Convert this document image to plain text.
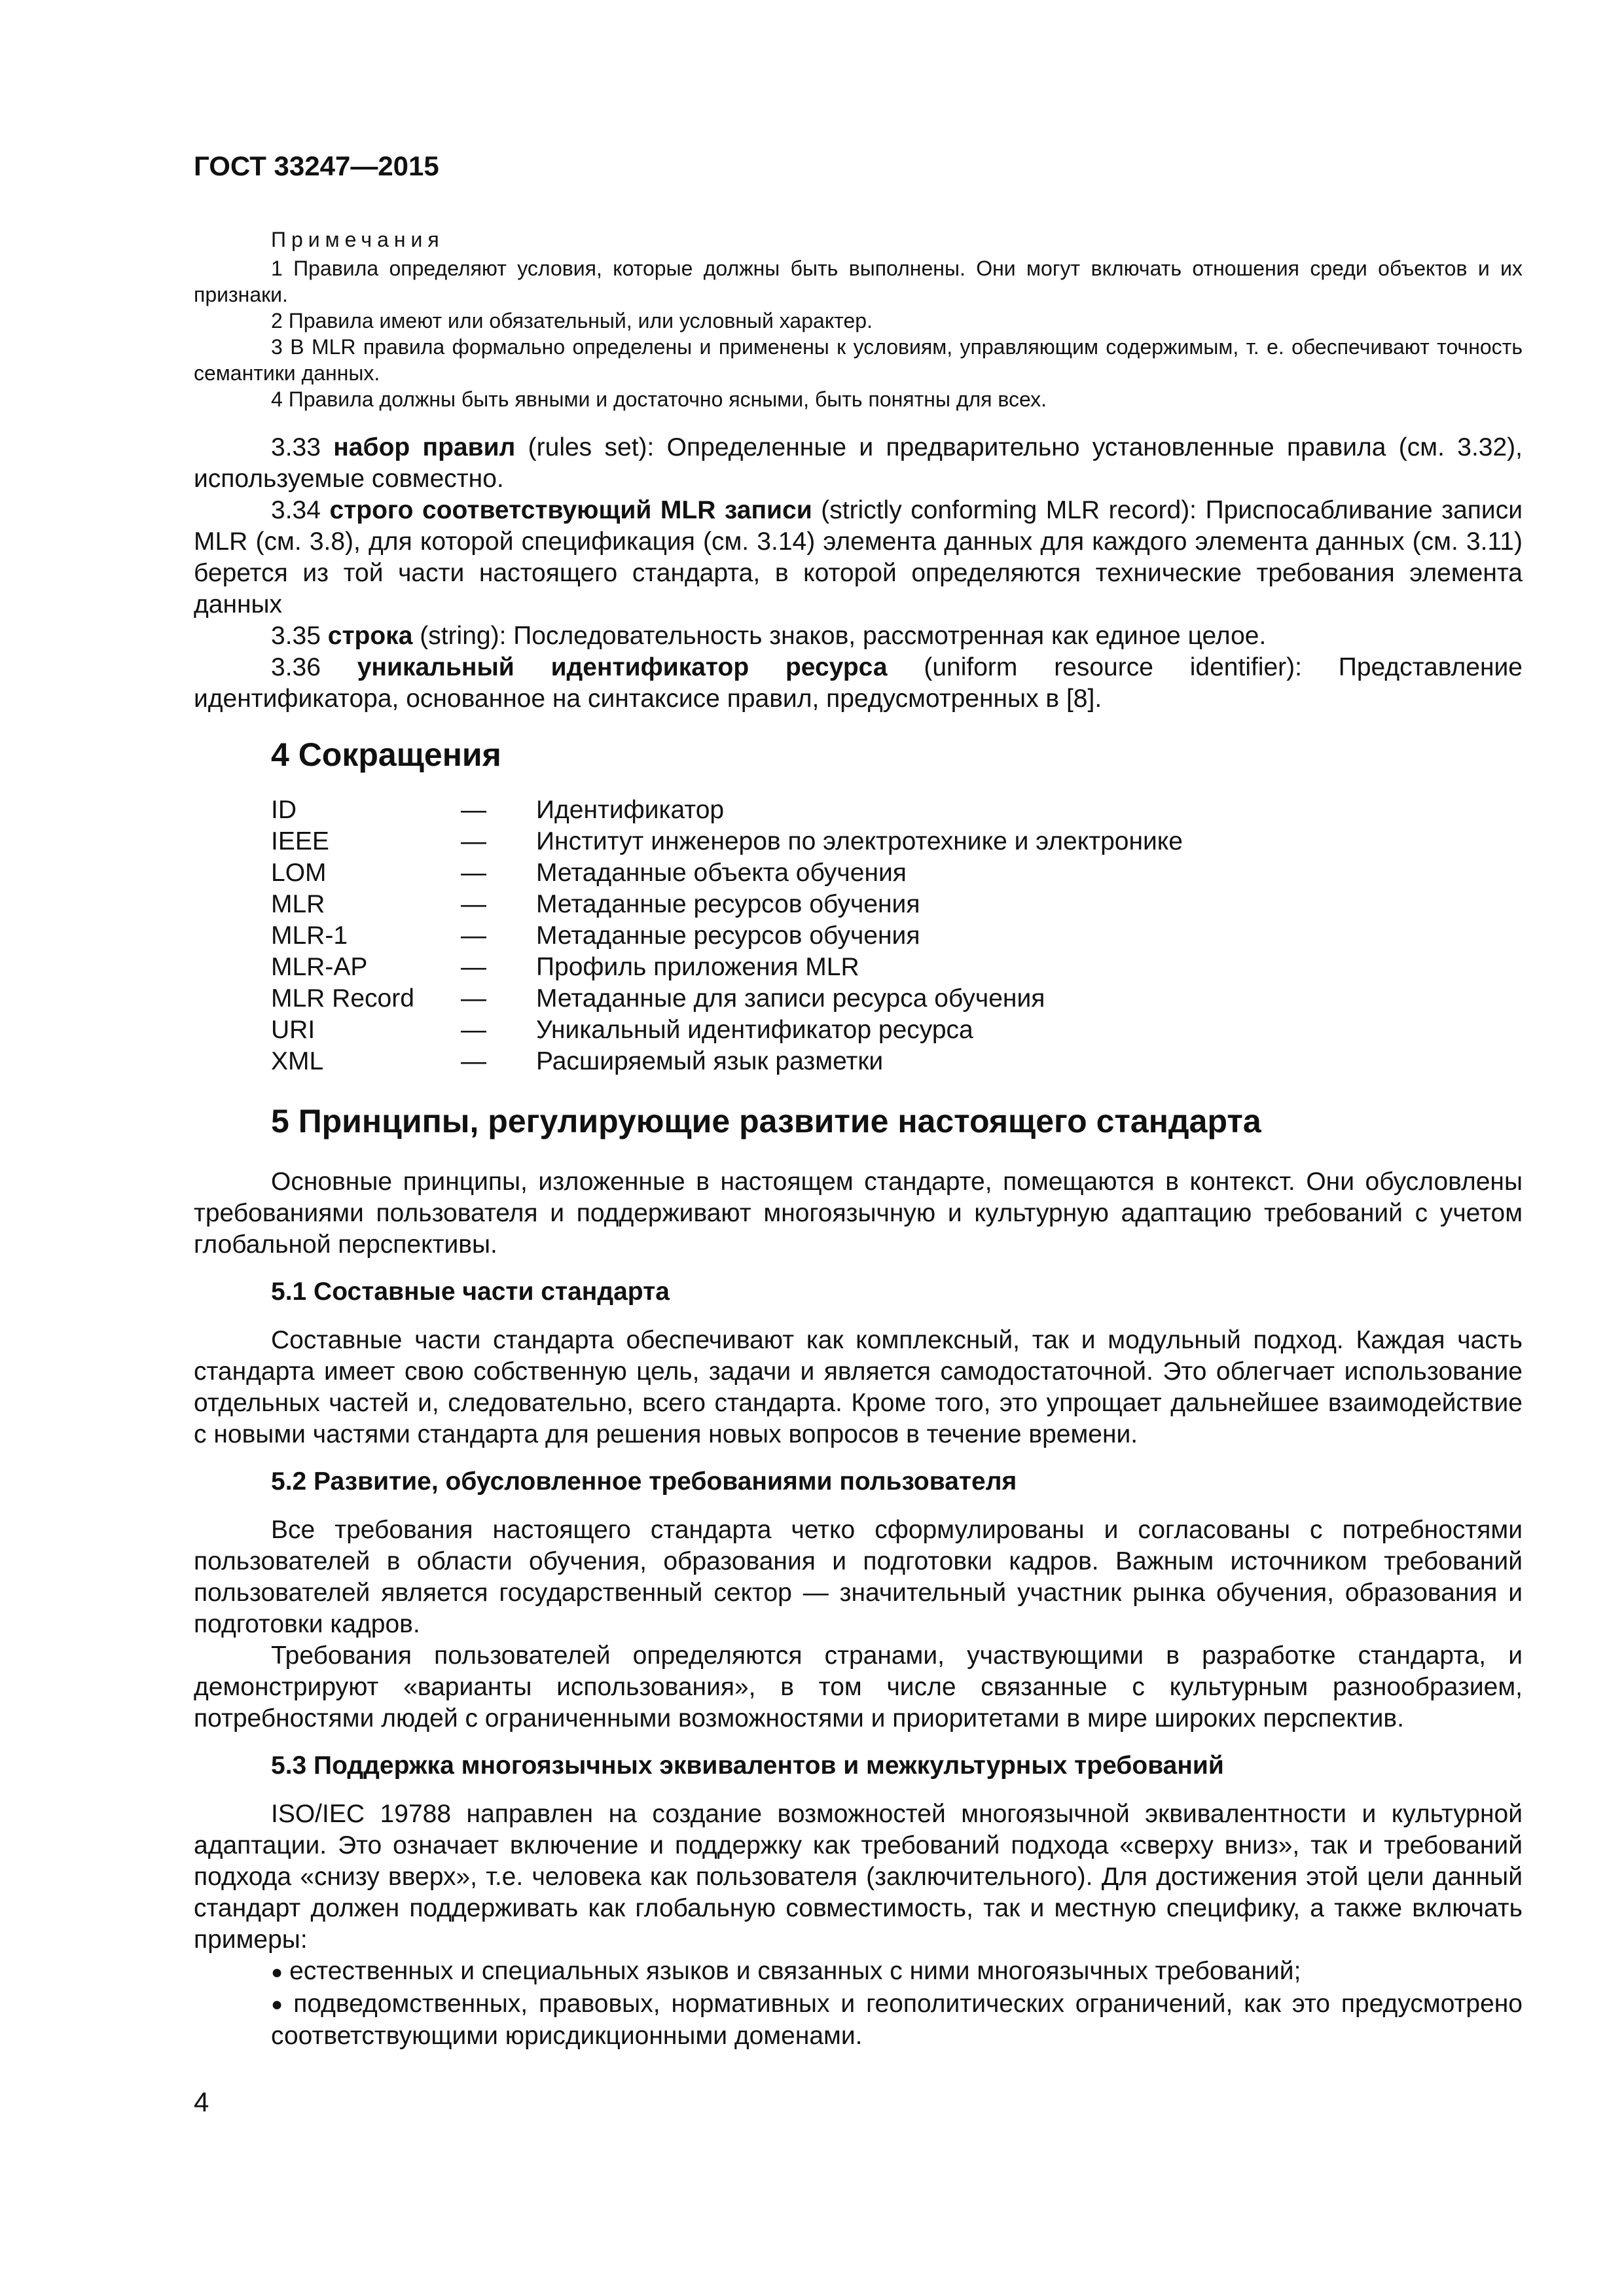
ГОСТ 33247—2015
Примечания
1 Правила определяют условия, которые должны быть выполнены. Они могут включать отношения среди объектов и их признаки.
2 Правила имеют или обязательный, или условный характер.
3 В MLR правила формально определены и применены к условиям, управляющим содержимым, т. е. обеспечивают точность семантики данных.
4 Правила должны быть явными и достаточно ясными, быть понятны для всех.
3.33 набор правил (rules set): Определенные и предварительно установленные правила (см. 3.32), используемые совместно.
3.34 строго соответствующий MLR записи (strictly conforming MLR record): Приспосабливание записи MLR (см. 3.8), для которой спецификация (см. 3.14) элемента данных для каждого элемента данных (см. 3.11) берется из той части настоящего стандарта, в которой определяются технические требования элемента данных
3.35 строка (string): Последовательность знаков, рассмотренная как единое целое.
3.36 уникальный идентификатор ресурса (uniform resource identifier): Представление идентификатора, основанное на синтаксисе правил, предусмотренных в [8].
4 Сокращения
ID	—	Идентификатор
IEEE	—	Институт инженеров по электротехнике и электронике
LOM	—	Метаданные объекта обучения
MLR	—	Метаданные ресурсов обучения
MLR-1	—	Метаданные ресурсов обучения
MLR-AP	—	Профиль приложения MLR
MLR Record	—	Метаданные для записи ресурса обучения
URI	—	Уникальный идентификатор ресурса
XML	—	Расширяемый язык разметки
5 Принципы, регулирующие развитие настоящего стандарта
Основные принципы, изложенные в настоящем стандарте, помещаются в контекст. Они обусловлены требованиями пользователя и поддерживают многоязычную и культурную адаптацию требований с учетом глобальной перспективы.
5.1 Составные части стандарта
Составные части стандарта обеспечивают как комплексный, так и модульный подход. Каждая часть стандарта имеет свою собственную цель, задачи и является самодостаточной. Это облегчает использование отдельных частей и, следовательно, всего стандарта. Кроме того, это упрощает дальнейшее взаимодействие с новыми частями стандарта для решения новых вопросов в течение времени.
5.2 Развитие, обусловленное требованиями пользователя
Все требования настоящего стандарта четко сформулированы и согласованы с потребностями пользователей в области обучения, образования и подготовки кадров. Важным источником требований пользователей является государственный сектор — значительный участник рынка обучения, образования и подготовки кадров.
Требования пользователей определяются странами, участвующими в разработке стандарта, и демонстрируют «варианты использования», в том числе связанные с культурным разнообразием, потребностями людей с ограниченными возможностями и приоритетами в мире широких перспектив.
5.3 Поддержка многоязычных эквивалентов и межкультурных требований
ISO/IEC 19788 направлен на создание возможностей многоязычной эквивалентности и культурной адаптации. Это означает включение и поддержку как требований подхода «сверху вниз», так и требований подхода «снизу вверх», т.е. человека как пользователя (заключительного). Для достижения этой цели данный стандарт должен поддерживать как глобальную совместимость, так и местную специфику, а также включать примеры:
● естественных и специальных языков и связанных с ними многоязычных требований;
● подведомственных, правовых, нормативных и геополитических ограничений, как это предусмотрено соответствующими юрисдикционными доменами.
4
